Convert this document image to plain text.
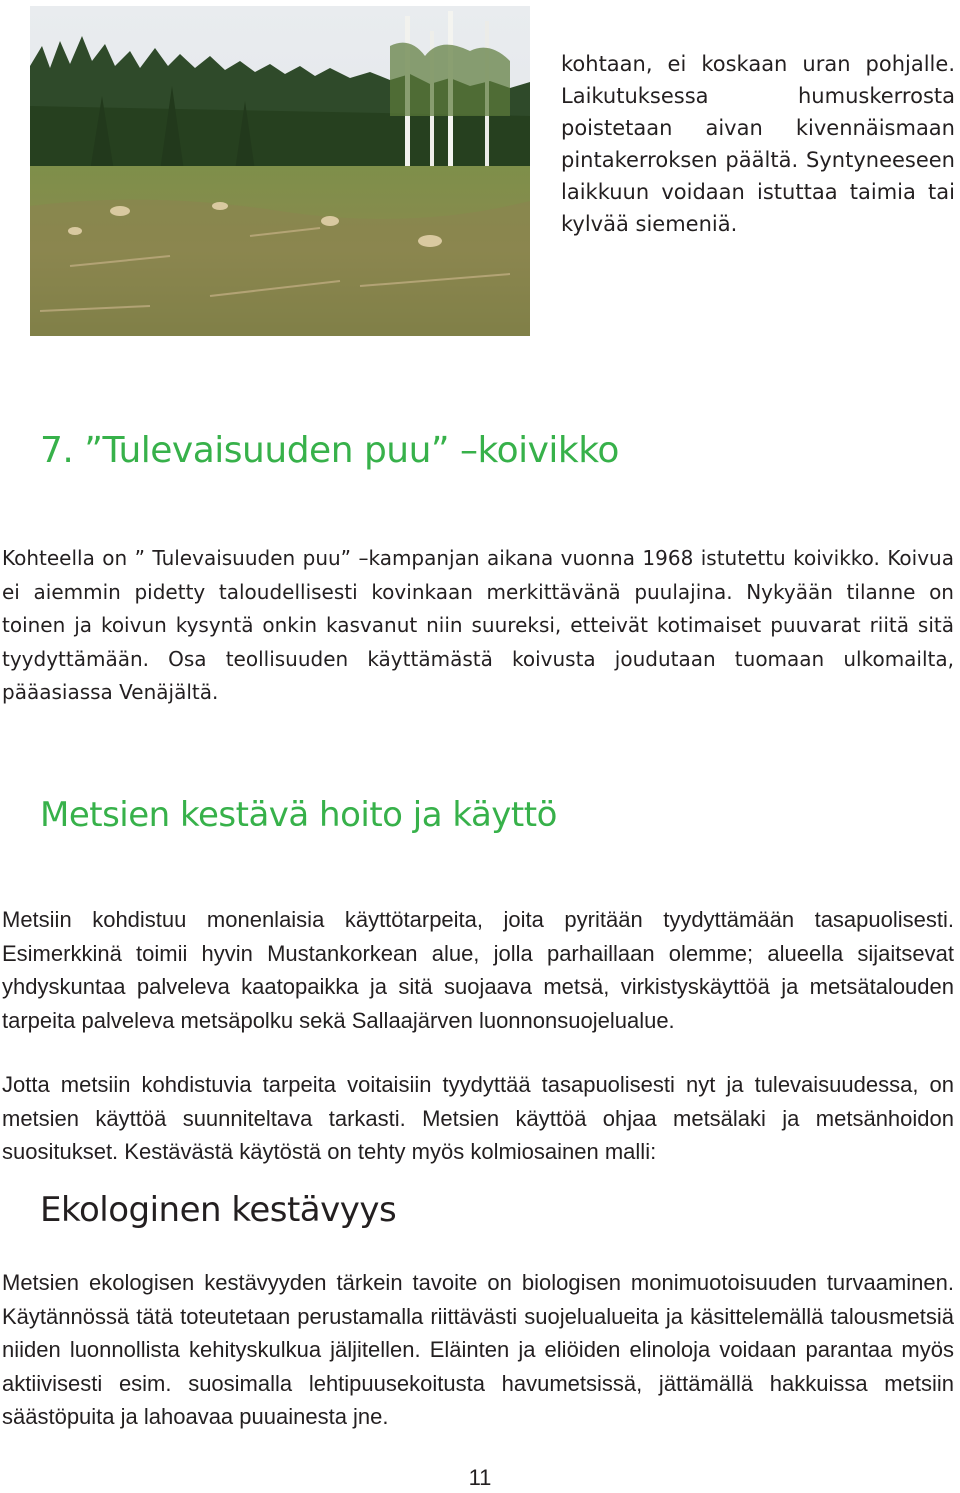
kohtaan, ei koskaan uran pohjalle. Laikutuksessa humuskerrosta poistetaan aivan kivennäismaan pintakerroksen päältä. Syntyneeseen laikkuun voidaan istuttaa taimia tai kylvää siemeniä.

7. ”Tulevaisuuden puu” –koivikko

Kohteella on ” Tulevaisuuden puu” –kampanjan aikana vuonna 1968 istutettu koivikko. Koivua ei aiemmin pidetty taloudellisesti kovinkaan merkittävänä puulajina. Nykyään tilanne on toinen ja koivun kysyntä onkin kasvanut niin suureksi, etteivät kotimaiset puuvarat riitä sitä tyydyttämään. Osa teollisuuden käyttämästä koivusta joudutaan tuomaan ulkomailta, pääasiassa Venäjältä.

Metsien kestävä hoito ja käyttö

Metsiin kohdistuu monenlaisia käyttötarpeita, joita pyritään tyydyttämään tasapuolisesti. Esimerkkinä toimii hyvin Mustankorkean alue, jolla parhaillaan olemme; alueella sijaitsevat yhdyskuntaa palveleva kaatopaikka ja sitä suojaava metsä, virkistyskäyttöä ja metsätalouden tarpeita palveleva metsäpolku sekä Sallaajärven luonnonsuojelualue.

Jotta metsiin kohdistuvia tarpeita voitaisiin tyydyttää tasapuolisesti nyt ja tulevaisuudessa, on metsien käyttöä suunniteltava tarkasti. Metsien käyttöä ohjaa metsälaki ja metsänhoidon suositukset. Kestävästä käytöstä on tehty myös kolmiosainen malli:

Ekologinen kestävyys

Metsien ekologisen kestävyyden tärkein tavoite on biologisen monimuotoisuuden turvaaminen. Käytännössä tätä toteutetaan perustamalla riittävästi suojelualueita ja käsittelemällä talousmetsiä niiden luonnollista kehityskulkua jäljitellen. Eläinten ja eliöiden elinoloja voidaan parantaa myös aktiivisesti esim. suosimalla lehtipuusekoitusta havumetsissä, jättämällä hakkuissa metsiin säästöpuita ja lahoavaa puuainesta jne.

11
